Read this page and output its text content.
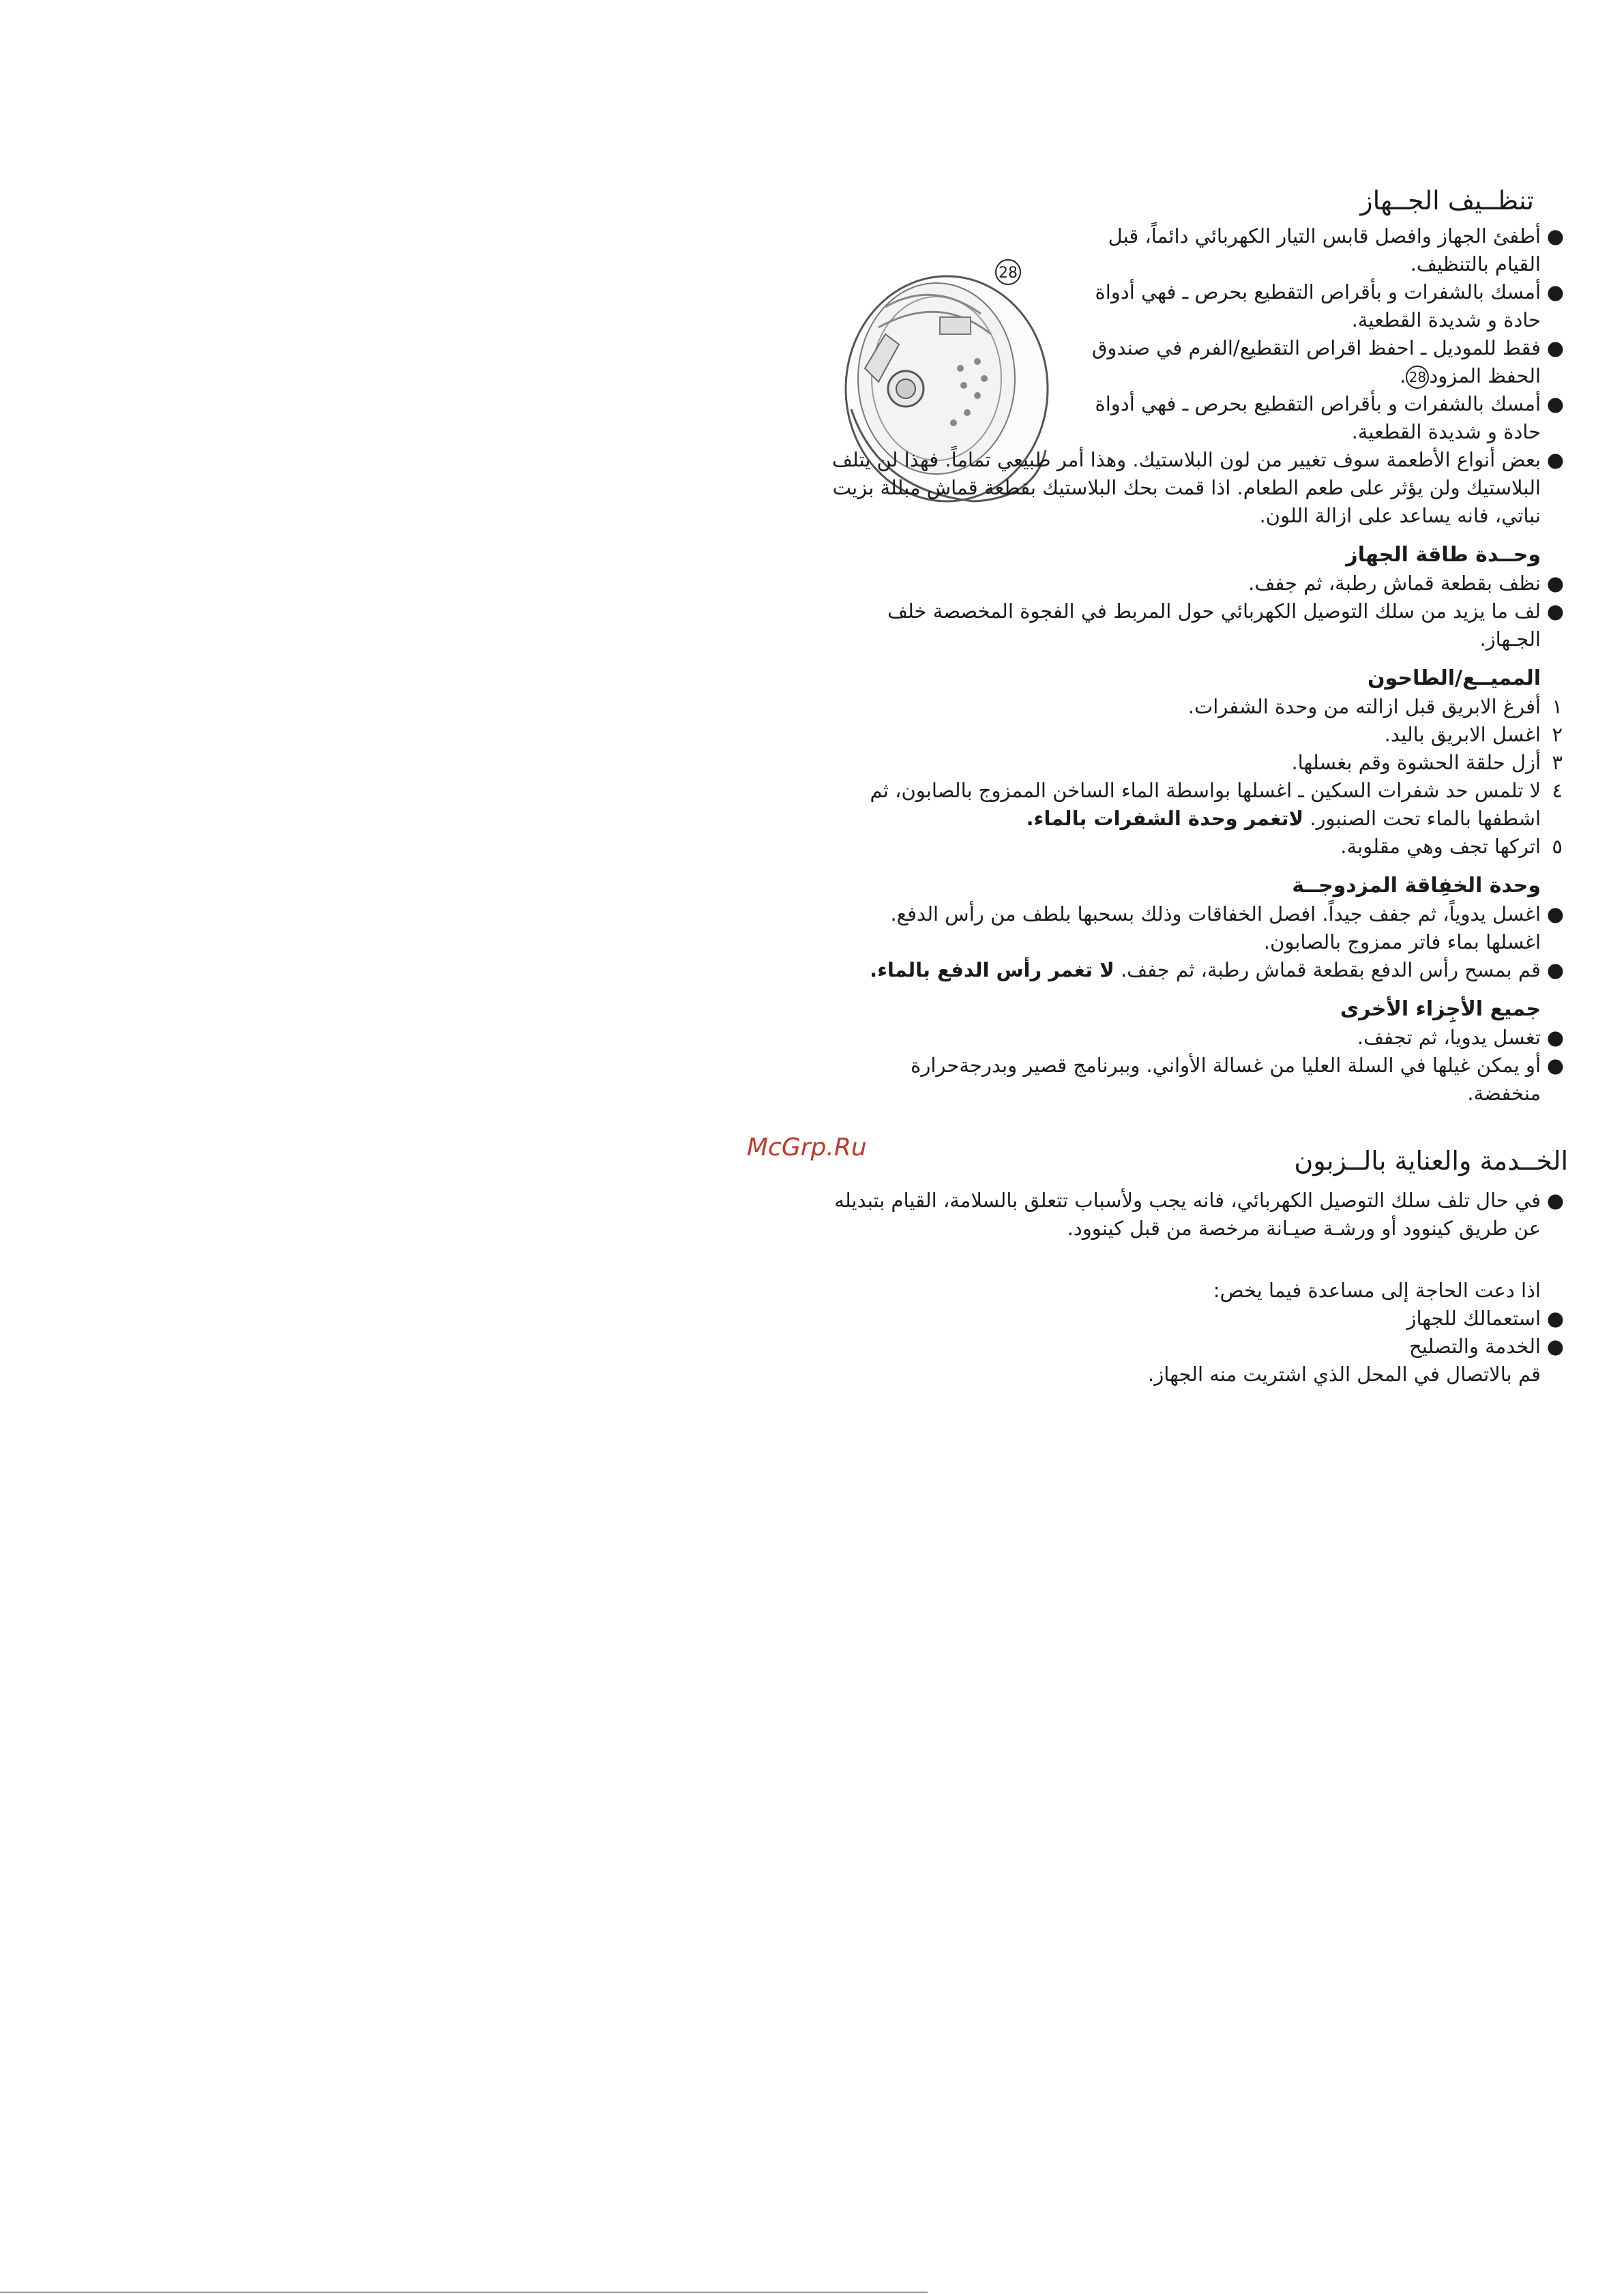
28
تنظــيف الجــهاز
●
أطفئ الجهاز وافصل قابس التيار الكهربائي دائماً، قبل القيام بالتنظيف.
●
أمسك بالشفرات و بأقراص التقطيع بحرص ـ فهي أدواة حادة و شديدة القطعية.
●
فقط للموديل ـ احفظ اقراص التقطيع/الفرم في صندوق الحفظ المزود28.
●
أمسك بالشفرات و بأقراص التقطيع بحرص ـ فهي أدواة حادة و شديدة القطعية.
●
بعض أنواع الأطعمة سوف تغيير من لون البلاستيك. وهذا أمر طبيعي تماماً. فهذا لن يتلف البلاستيك ولن يؤثر على طعم الطعام. اذا قمت بحك البلاستيك بقطعة قماش مبللة بزيت نباتي، فانه يساعد على ازالة اللون.
وحــدة طاقة الجهاز
●
نظف بقطعة قماش رطبة، ثم جفف.
●
لف ما يزيد من سلك التوصيل الكهربائي حول المربط في الفجوة المخصصة خلف الجـهاز.
المميــع/الطاحون
١
أفرغ الابريق قبل ازالته من وحدة الشفرات.
٢
اغسل الابريق باليد.
٣
أزل حلقة الحشوة وقم بغسلها.
٤
لا تلمس حد شفرات السكين ـ اغسلها بواسطة الماء الساخن الممزوج بالصابون، ثم اشطفها بالماء تحت الصنبور. لاتغمر وحدة الشفرات بالماء.
٥
اتركها تجف وهي مقلوبة.
وحدة الخفِاقة المزدوجــة
●
اغسل يدوياً، ثم جفف جيداً. افصل الخفاقات وذلك بسحبها بلطف من رأس الدفع. اغسلها بماء فاتر ممزوج بالصابون.
●
قم بمسح رأس الدفع بقطعة قماش رطبة، ثم جفف. لا تغمر رأس الدفع بالماء.
جميع الأجِزاء الأخرى
●
تغسل يدويا، ثم تجفف.
●
أو يمكن غيلها في السلة العليا من غسالة الأواني. وببرنامج قصير وبدرجةحرارة منخفضة.
McGrp.Ru	الخــدمة والعناية بالــزبون
●
في حال تلف سلك التوصيل الكهربائي، فانه يجب ولأسباب تتعلق بالسلامة، القيام بتبديله عن طريق كينوود أو ورشـة صيـانة مرخصة من قبل كينوود.
اذا دعت الحاجة إلى مساعدة فيما يخص:
●
استعمالك للجهاز
●
الخدمة والتصليح
قم بالاتصال في المحل الذي اشتريت منه الجهاز.
